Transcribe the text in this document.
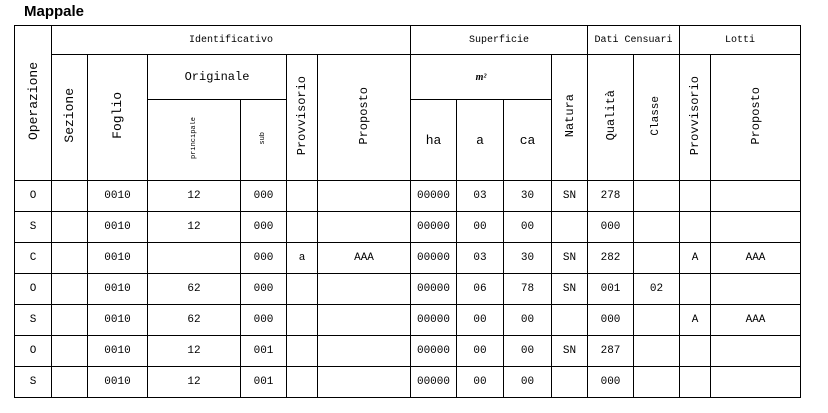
Mappale
Operazione	Identificativo						Superficie				Dati Censuari		Lotti	
	Sezione	Foglio	Originale		Provvisorio	Proposto	m²			Natura	Qualità	Classe	Provvisorio	Proposto
			principale	sub			ha	a	ca					
O		0010	12	000			00000	03	30	SN	278			
S		0010	12	000			00000	00	00		000			
C		0010		000	a	AAA	00000	03	30	SN	282		A	AAA
O		0010	62	000			00000	06	78	SN	001	02		
S		0010	62	000			00000	00	00		000		A	AAA
O		0010	12	001			00000	00	00	SN	287			
S		0010	12	001			00000	00	00		000			
